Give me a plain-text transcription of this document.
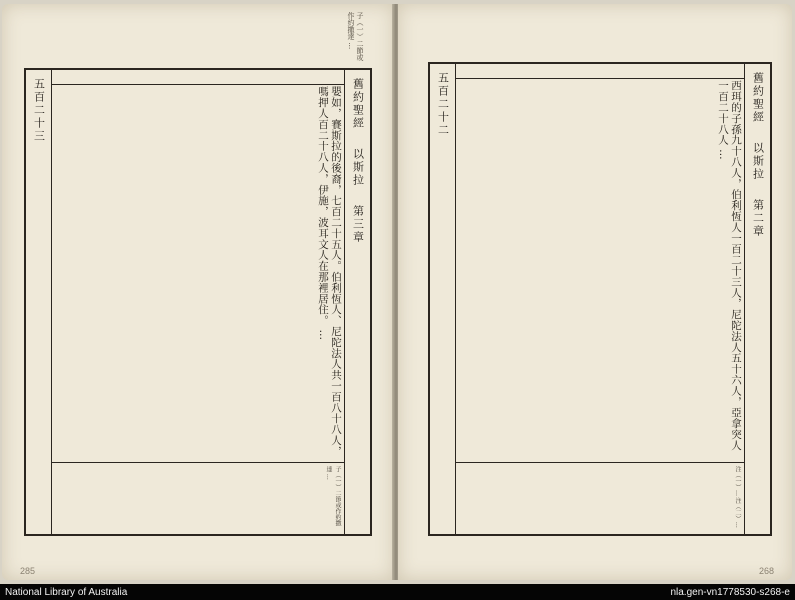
子（一）二節或作約撒達 …
舊約聖經
以斯拉
第三章
五百二十三	嬰如，賽斯拉的後裔，七百二十五人。伯利恆人、尼陀法人共一百八十八人，嗎押人百二十八人，伊施，波耳文人在那裡居住。 …
子（一）二節或作約撒達 …
285
舊約聖經
以斯拉
第二章
五百二十二	西珥的子孫九十八人，伯利恆人一百二十三人，尼陀法人五十六人，亞拿突人一百二十八人 …
注（一）… 注（二）…
268
National Library of Australia	nla.gen-vn1778530-s268-e
